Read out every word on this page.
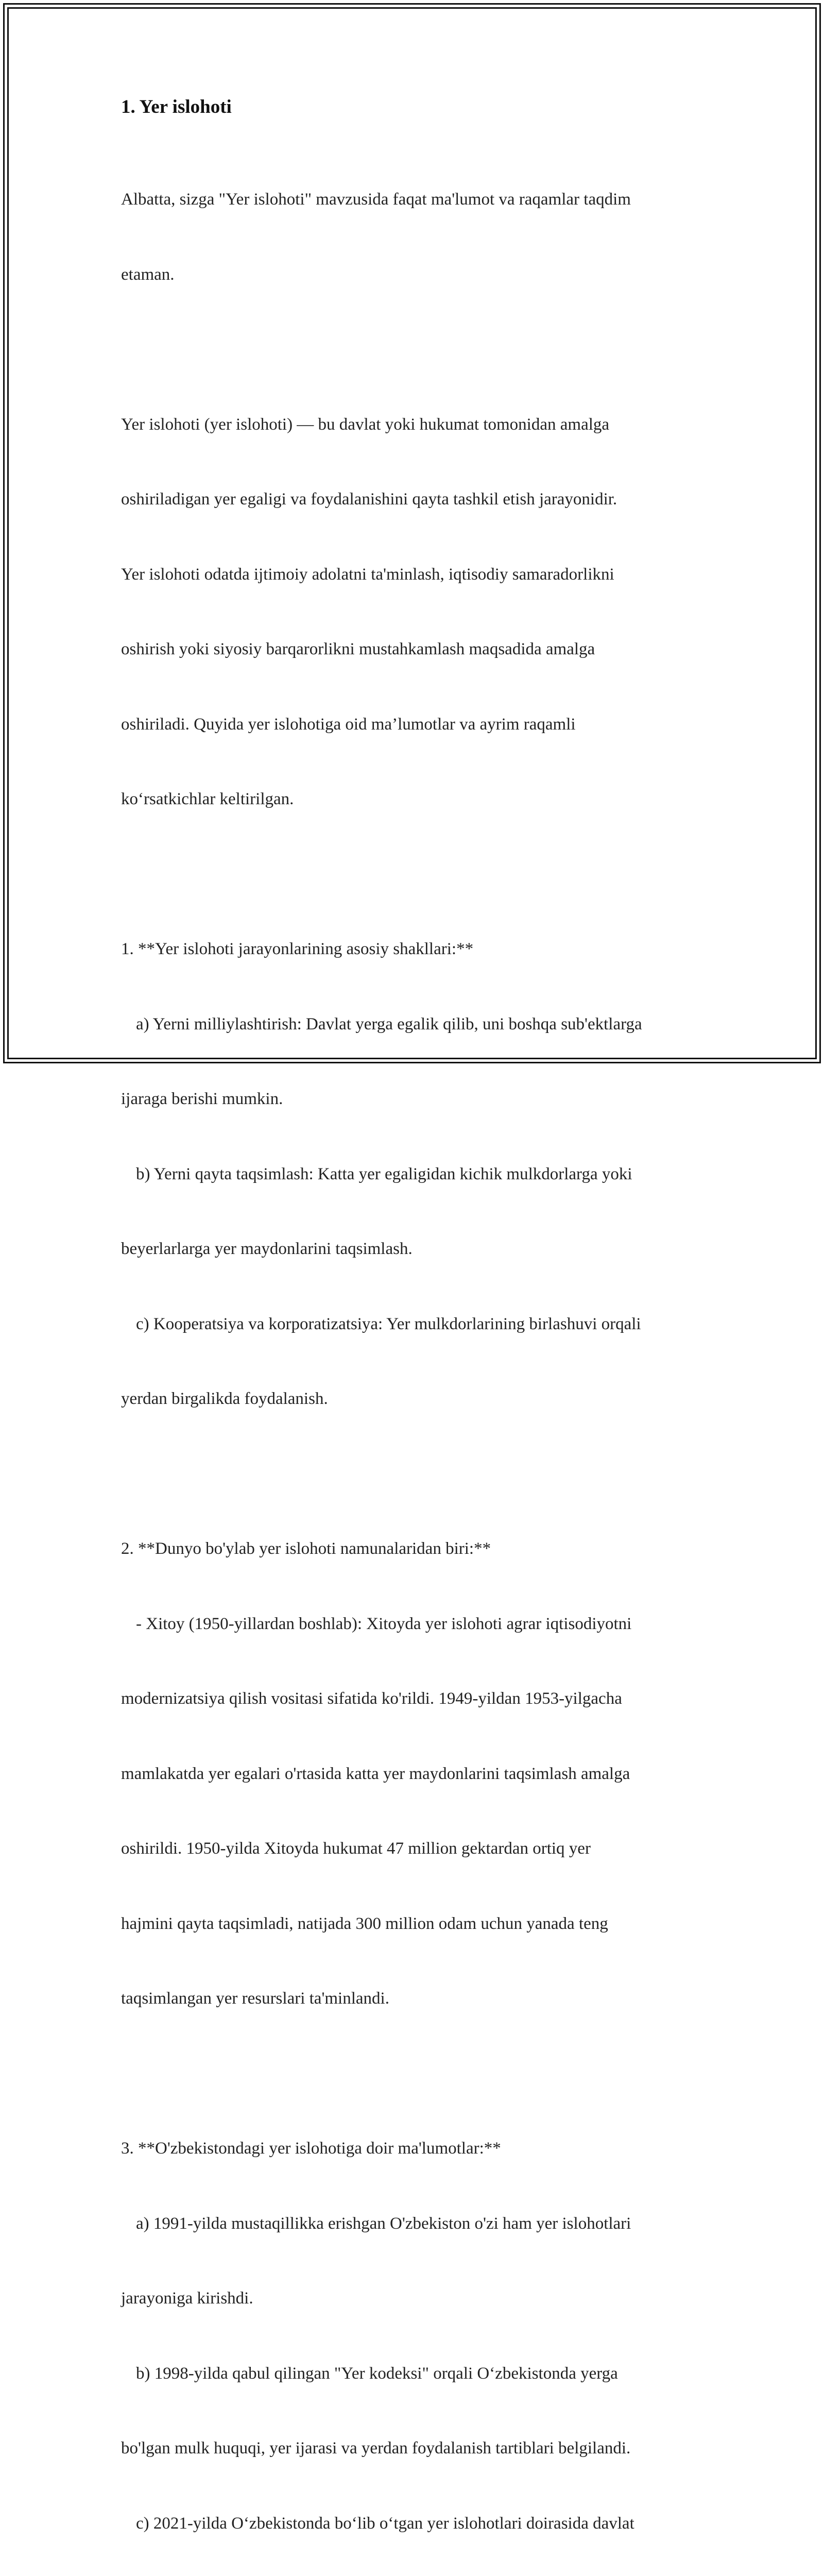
1. Yer islohoti

Albatta, sizga "Yer islohoti" mavzusida faqat ma'lumot va raqamlar taqdim

etaman.

Yer islohoti (yer islohoti) — bu davlat yoki hukumat tomonidan amalga

oshiriladigan yer egaligi va foydalanishini qayta tashkil etish jarayonidir.

Yer islohoti odatda ijtimoiy adolatni ta'minlash, iqtisodiy samaradorlikni

oshirish yoki siyosiy barqarorlikni mustahkamlash maqsadida amalga

oshiriladi. Quyida yer islohotiga oid ma’lumotlar va ayrim raqamli

ko‘rsatkichlar keltirilgan.

1. **Yer islohoti jarayonlarining asosiy shakllari:**

a) Yerni milliylashtirish: Davlat yerga egalik qilib, uni boshqa sub'ektlarga

ijaraga berishi mumkin.

b) Yerni qayta taqsimlash: Katta yer egaligidan kichik mulkdorlarga yoki

beyerlarlarga yer maydonlarini taqsimlash.

c) Kooperatsiya va korporatizatsiya: Yer mulkdorlarining birlashuvi orqali

yerdan birgalikda foydalanish.

2. **Dunyo bo'ylab yer islohoti namunalaridan biri:**

- Xitoy (1950-yillardan boshlab): Xitoyda yer islohoti agrar iqtisodiyotni

modernizatsiya qilish vositasi sifatida ko'rildi. 1949-yildan 1953-yilgacha

mamlakatda yer egalari o'rtasida katta yer maydonlarini taqsimlash amalga

oshirildi. 1950-yilda Xitoyda hukumat 47 million gektardan ortiq yer

hajmini qayta taqsimladi, natijada 300 million odam uchun yanada teng

taqsimlangan yer resurslari ta'minlandi.

3. **O'zbekistondagi yer islohotiga doir ma'lumotlar:**

a) 1991-yilda mustaqillikka erishgan O'zbekiston o'zi ham yer islohotlari

jarayoniga kirishdi.

b) 1998-yilda qabul qilingan "Yer kodeksi" orqali O‘zbekistonda yerga

bo'lgan mulk huquqi, yer ijarasi va yerdan foydalanish tartiblari belgilandi.

c) 2021-yilda O‘zbekistonda bo‘lib o‘tgan yer islohotlari doirasida davlat
